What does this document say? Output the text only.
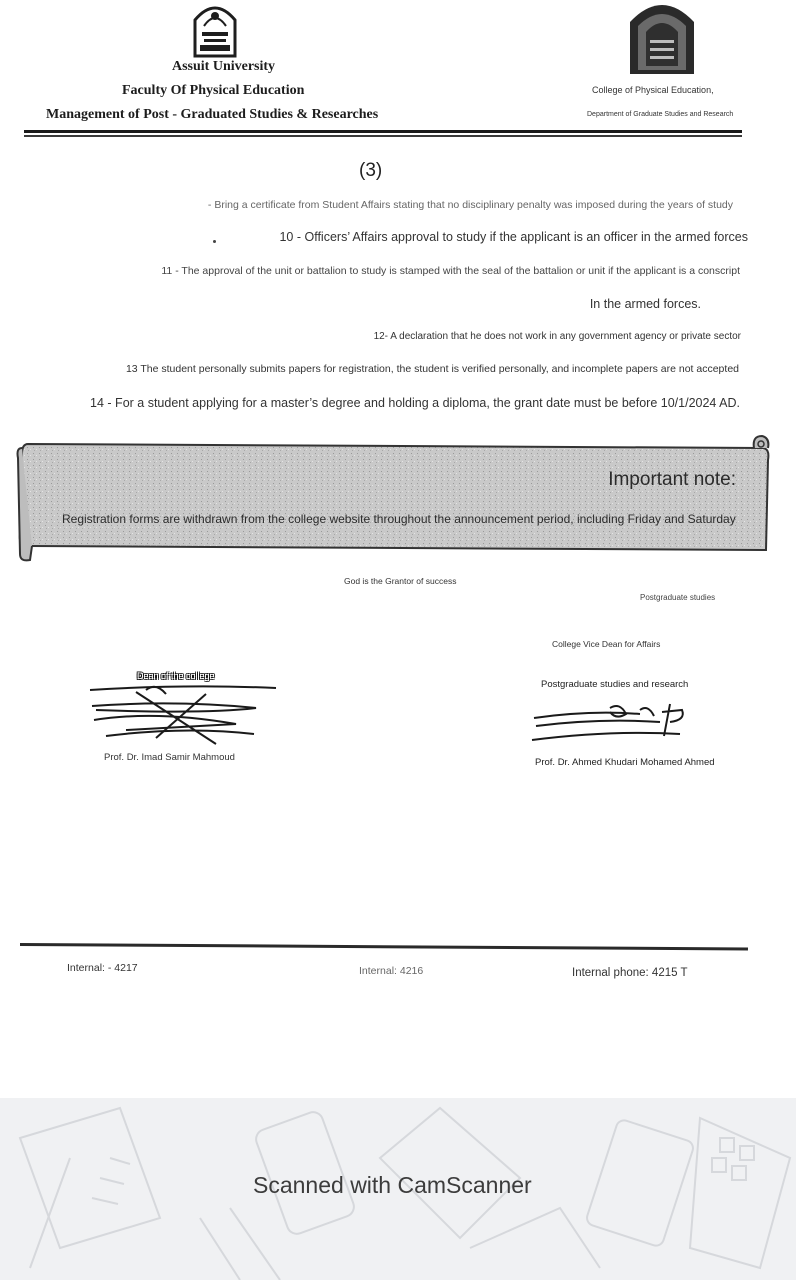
Assuit University
Faculty Of Physical Education
Management of Post - Graduated Studies & Researches
College of Physical Education,
Department of Graduate Studies and Research
(3)
- Bring a certificate from Student Affairs stating that no disciplinary penalty was imposed during the years of study
10 - Officers’ Affairs approval to study if the applicant is an officer in the armed forces
11 - The approval of the unit or battalion to study is stamped with the seal of the battalion or unit if the applicant is a conscript
In the armed forces.
12- A declaration that he does not work in any government agency or private sector
13 The student personally submits papers for registration, the student is verified personally, and incomplete papers are not accepted
14 - For a student applying for a master’s degree and holding a diploma, the grant date must be before 10/1/2024 AD.
Important note:
Registration forms are withdrawn from the college website throughout the announcement period, including Friday and Saturday
God is the Grantor of success
Postgraduate studies
College Vice Dean for Affairs
Postgraduate studies and research
Dean of the college
Prof. Dr. Imad Samir Mahmoud	Prof. Dr. Ahmed Khudari Mohamed Ahmed
Internal: - 4217	Internal: 4216	Internal phone: 4215 T
Scanned with CamScanner
